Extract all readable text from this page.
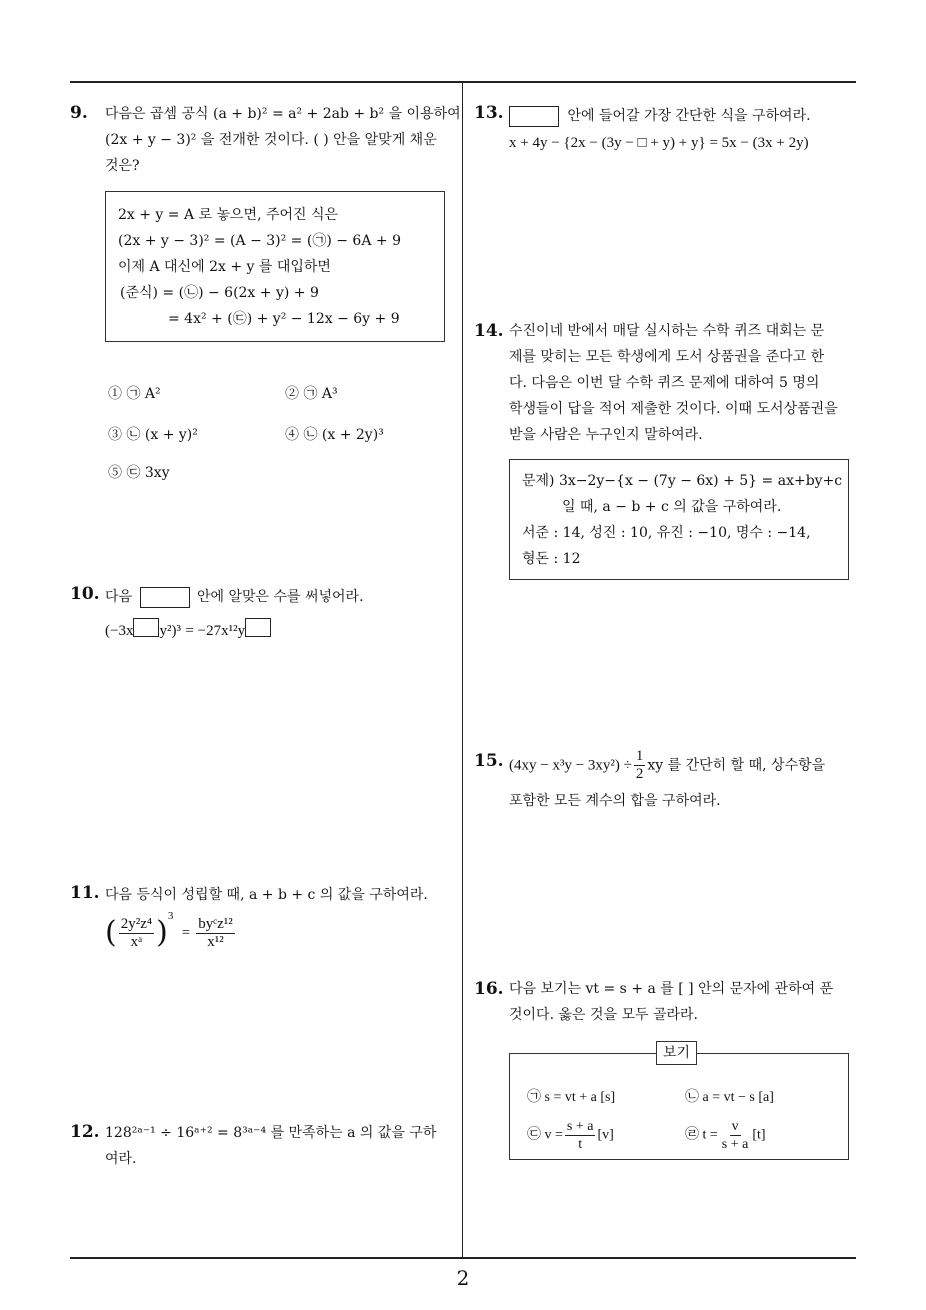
2
9. 다음은 곱셈 공식 (a + b)² = a² + 2ab + b² 을 이용하여
(2x + y − 3)² 을 전개한 것이다. ( ) 안을 알맞게 채운
것은?
2x + y = A 로 놓으면, 주어진 식은
(2x + y − 3)² = (A − 3)² = (㉠) − 6A + 9
이제 A 대신에 2x + y 를 대입하면
(준식) = (㉡) − 6(2x + y) + 9
= 4x² + (㉢) + y² − 12x − 6y + 9
① ㉠ A²	② ㉠ A³
③ ㉡ (x + y)²	④ ㉡ (x + 2y)³
⑤ ㉢ 3xy
10. 다음	안에 알맞은 수를 써넣어라.
(−3x y²)³ = −27x¹²y
11. 다음 등식이 성립할 때, a + b + c 의 값을 구하여라.
( $\frac{\text{2y²z⁴}}{\text{xᵃ}} )^3 = \frac{\text{byᶜz¹²}}{\text{x¹²}}$
12. 128²ᵃ⁻¹ ÷ 16ᵃ⁺² = 8³ᵃ⁻⁴ 를 만족하는 a 의 값을 구하
여라.
13.	안에 들어갈 가장 간단한 식을 구하여라.
x + 4y − {2x − (3y − □ + y) + y} = 5x − (3x + 2y)
14. 수진이네 반에서 매달 실시하는 수학 퀴즈 대회는 문
제를 맞히는 모든 학생에게 도서 상품권을 준다고 한
다. 다음은 이번 달 수학 퀴즈 문제에 대하여 5 명의
학생들이 답을 적어 제출한 것이다. 이때 도서상품권을
받을 사람은 누구인지 말하여라.
문제) 3x−2y−{x − (7y − 6x) + 5} = ax+by+c
일 때, a − b + c 의 값을 구하여라.
서준 : 14, 성진 : 10, 유진 : −10, 명수 : −14,
형돈 : 12
15. $(4xy - x^3y - 3xy^2) \div \frac{1}{2}$ xy 를 간단히 할 때, 상수항을
포함한 모든 계수의 합을 구하여라.
16. 다음 보기는 vt = s + a 를 [ ] 안의 문자에 관하여 푼
것이다. 옳은 것을 모두 골라라.
보기
㉠ s = vt + a [s]	㉡ a = vt − s [a]
㉢ $v = \frac{s + a}{t} [v]$	㉣ $t = \frac{v}{s + a} [t]$
